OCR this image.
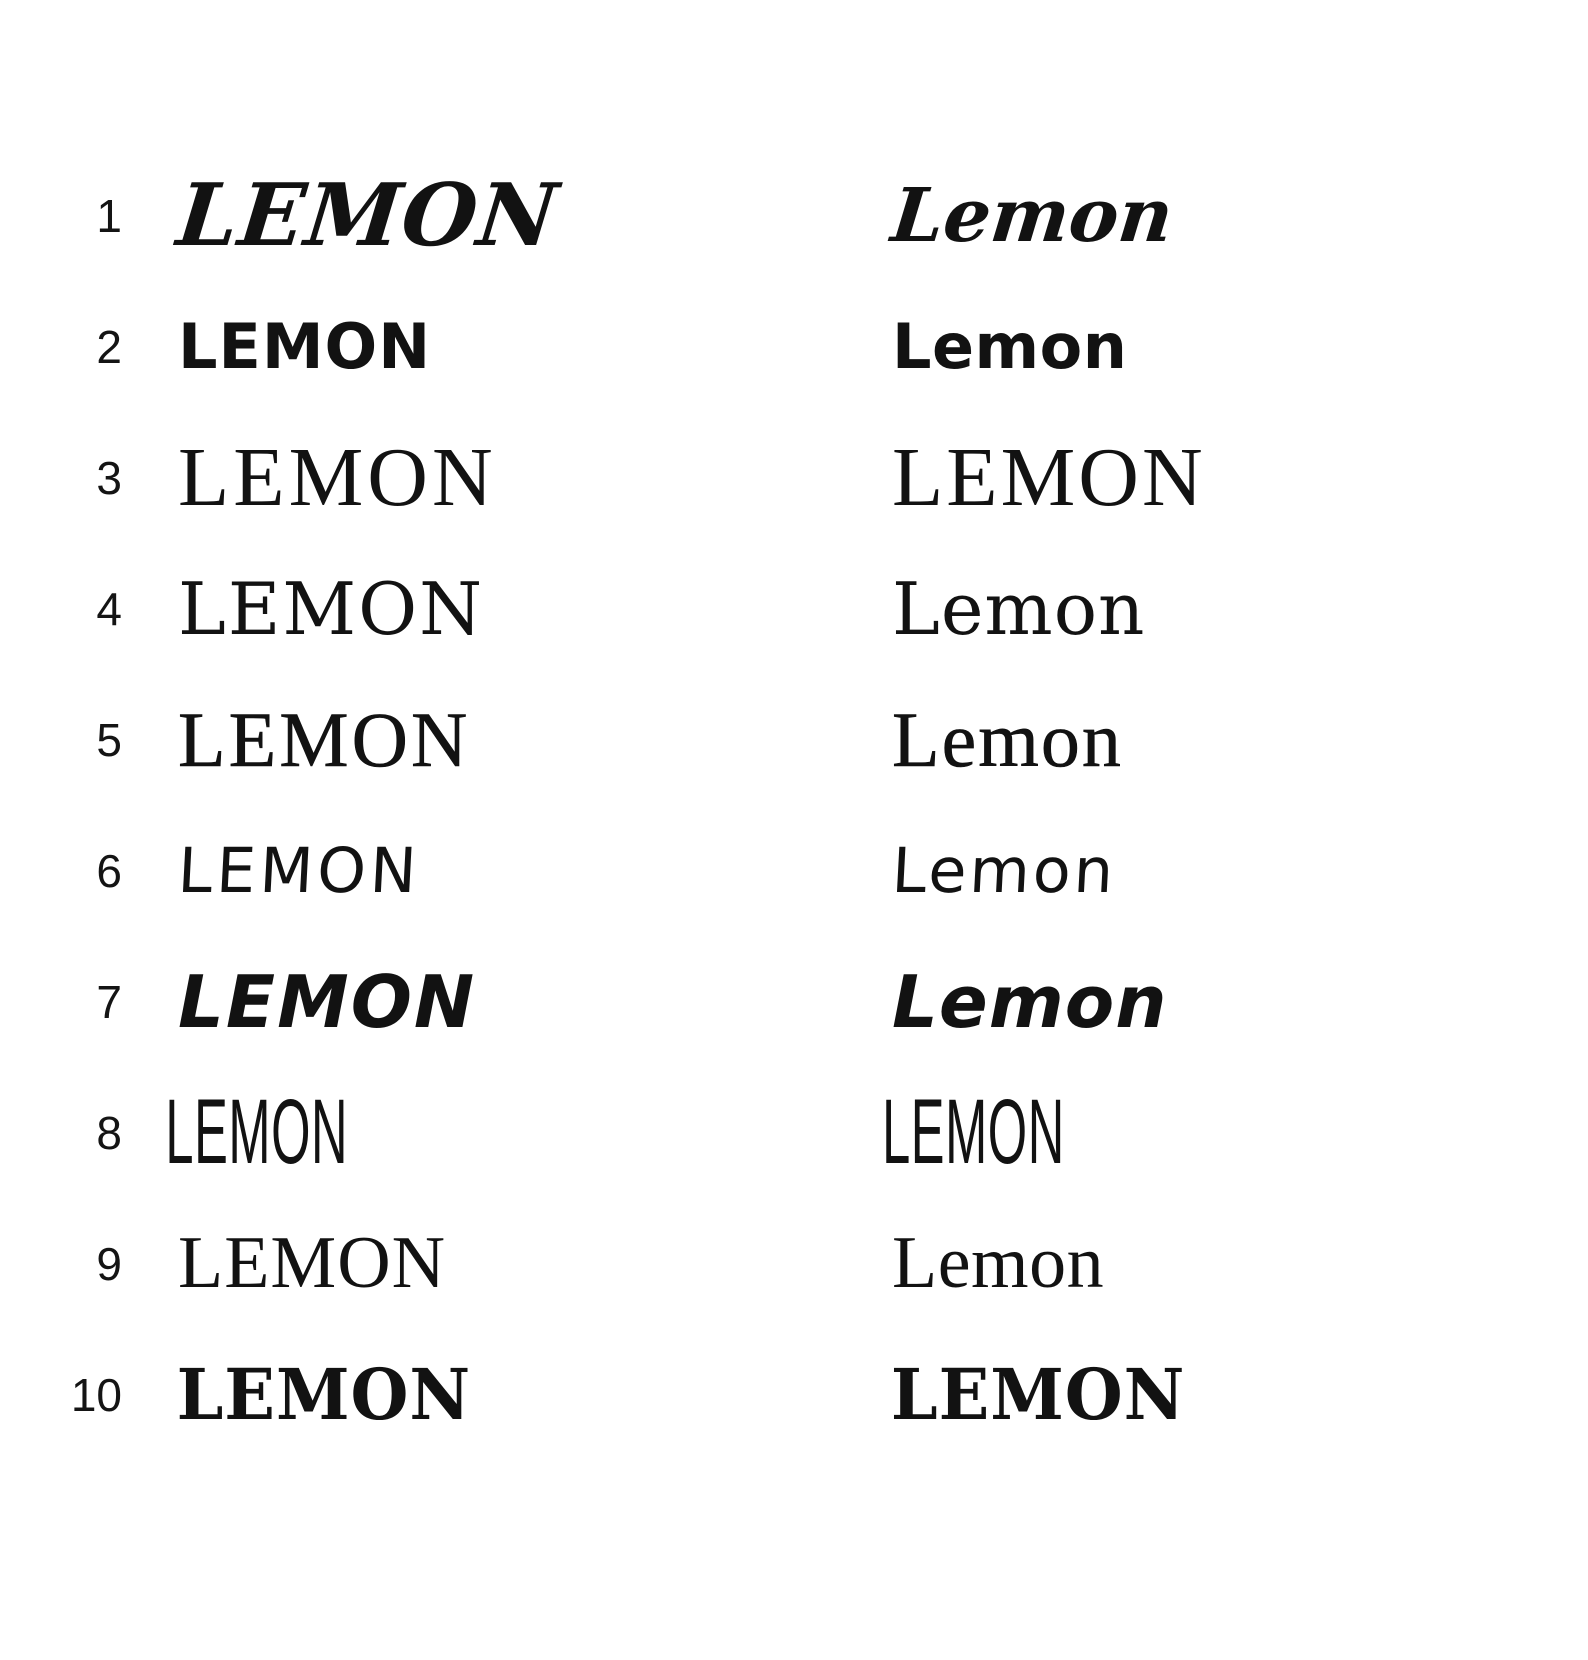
1 LEMON	Lemon
2 LEMON	Lemon
3 LEMON	LEMON
4 LEMON	Lemon
5 LEMON	Lemon
6 LEMON	Lemon
7 LEMON	Lemon
8 LEMON	LEMON
9 LEMON	Lemon
10 LEMON	LEMON
